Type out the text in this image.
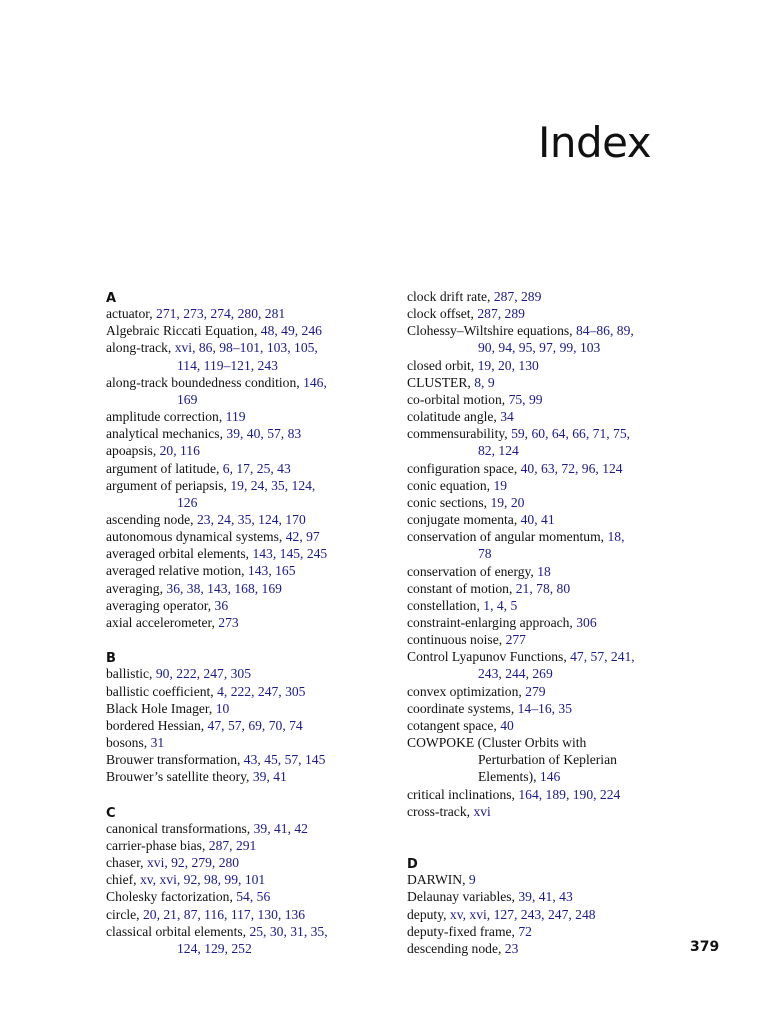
Index
A
actuator, 271, 273, 274, 280, 281
Algebraic Riccati Equation, 48, 49, 246
along-track, xvi, 86, 98–101, 103, 105,
114, 119–121, 243
along-track boundedness condition, 146,
169
amplitude correction, 119
analytical mechanics, 39, 40, 57, 83
apoapsis, 20, 116
argument of latitude, 6, 17, 25, 43
argument of periapsis, 19, 24, 35, 124,
126
ascending node, 23, 24, 35, 124, 170
autonomous dynamical systems, 42, 97
averaged orbital elements, 143, 145, 245
averaged relative motion, 143, 165
averaging, 36, 38, 143, 168, 169
averaging operator, 36
axial accelerometer, 273
B
ballistic, 90, 222, 247, 305
ballistic coefficient, 4, 222, 247, 305
Black Hole Imager, 10
bordered Hessian, 47, 57, 69, 70, 74
bosons, 31
Brouwer transformation, 43, 45, 57, 145
Brouwer’s satellite theory, 39, 41
C
canonical transformations, 39, 41, 42
carrier-phase bias, 287, 291
chaser, xvi, 92, 279, 280
chief, xv, xvi, 92, 98, 99, 101
Cholesky factorization, 54, 56
circle, 20, 21, 87, 116, 117, 130, 136
classical orbital elements, 25, 30, 31, 35,
124, 129, 252
clock drift rate, 287, 289
clock offset, 287, 289
Clohessy–Wiltshire equations, 84–86, 89,
90, 94, 95, 97, 99, 103
closed orbit, 19, 20, 130
CLUSTER, 8, 9
co-orbital motion, 75, 99
colatitude angle, 34
commensurability, 59, 60, 64, 66, 71, 75,
82, 124
configuration space, 40, 63, 72, 96, 124
conic equation, 19
conic sections, 19, 20
conjugate momenta, 40, 41
conservation of angular momentum, 18,
78
conservation of energy, 18
constant of motion, 21, 78, 80
constellation, 1, 4, 5
constraint-enlarging approach, 306
continuous noise, 277
Control Lyapunov Functions, 47, 57, 241,
243, 244, 269
convex optimization, 279
coordinate systems, 14–16, 35
cotangent space, 40
COWPOKE (Cluster Orbits with
Perturbation of Keplerian
Elements), 146
critical inclinations, 164, 189, 190, 224
cross-track, xvi
D
DARWIN, 9
Delaunay variables, 39, 41, 43
deputy, xv, xvi, 127, 243, 247, 248
deputy-fixed frame, 72
descending node, 23	379
